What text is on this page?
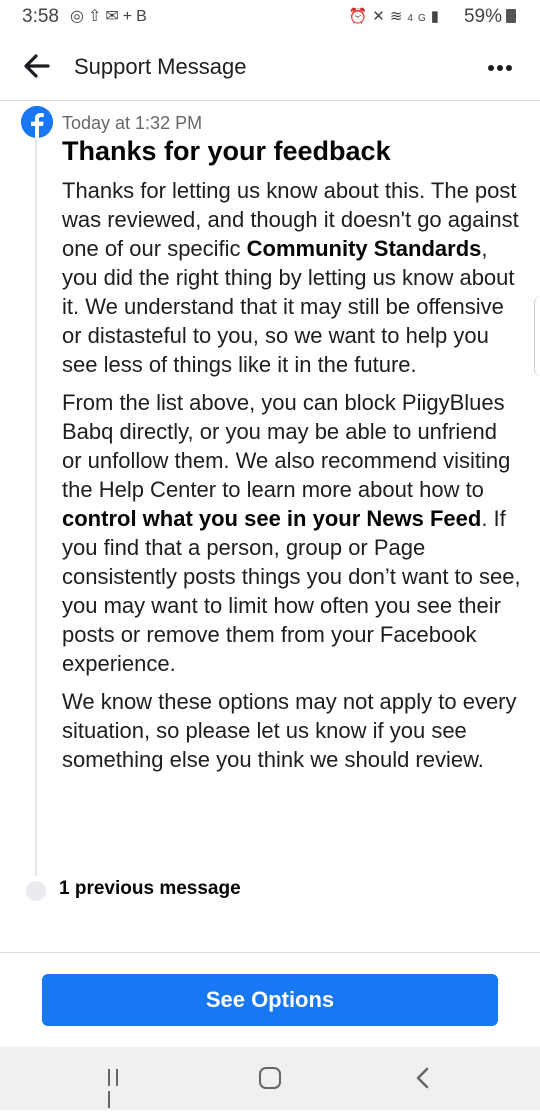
3:58 ◎⇧✉+B	⏰✕≋4G▮ 59%
Support Message
Today at 1:32 PM
Thanks for your feedback

Thanks for letting us know about this. The post was reviewed, and though it doesn't go against one of our specific Community Standards, you did the right thing by letting us know about it. We understand that it may still be offensive or distasteful to you, so we want to help you see less of things like it in the future.

From the list above, you can block PiigyBlues Babq directly, or you may be able to unfriend or unfollow them. We also recommend visiting the Help Center to learn more about how to control what you see in your News Feed. If you find that a person, group or Page consistently posts things you don’t want to see, you may want to limit how often you see their posts or remove them from your Facebook experience.

We know these options may not apply to every situation, so please let us know if you see something else you think we should review.

1 previous message
See Options
